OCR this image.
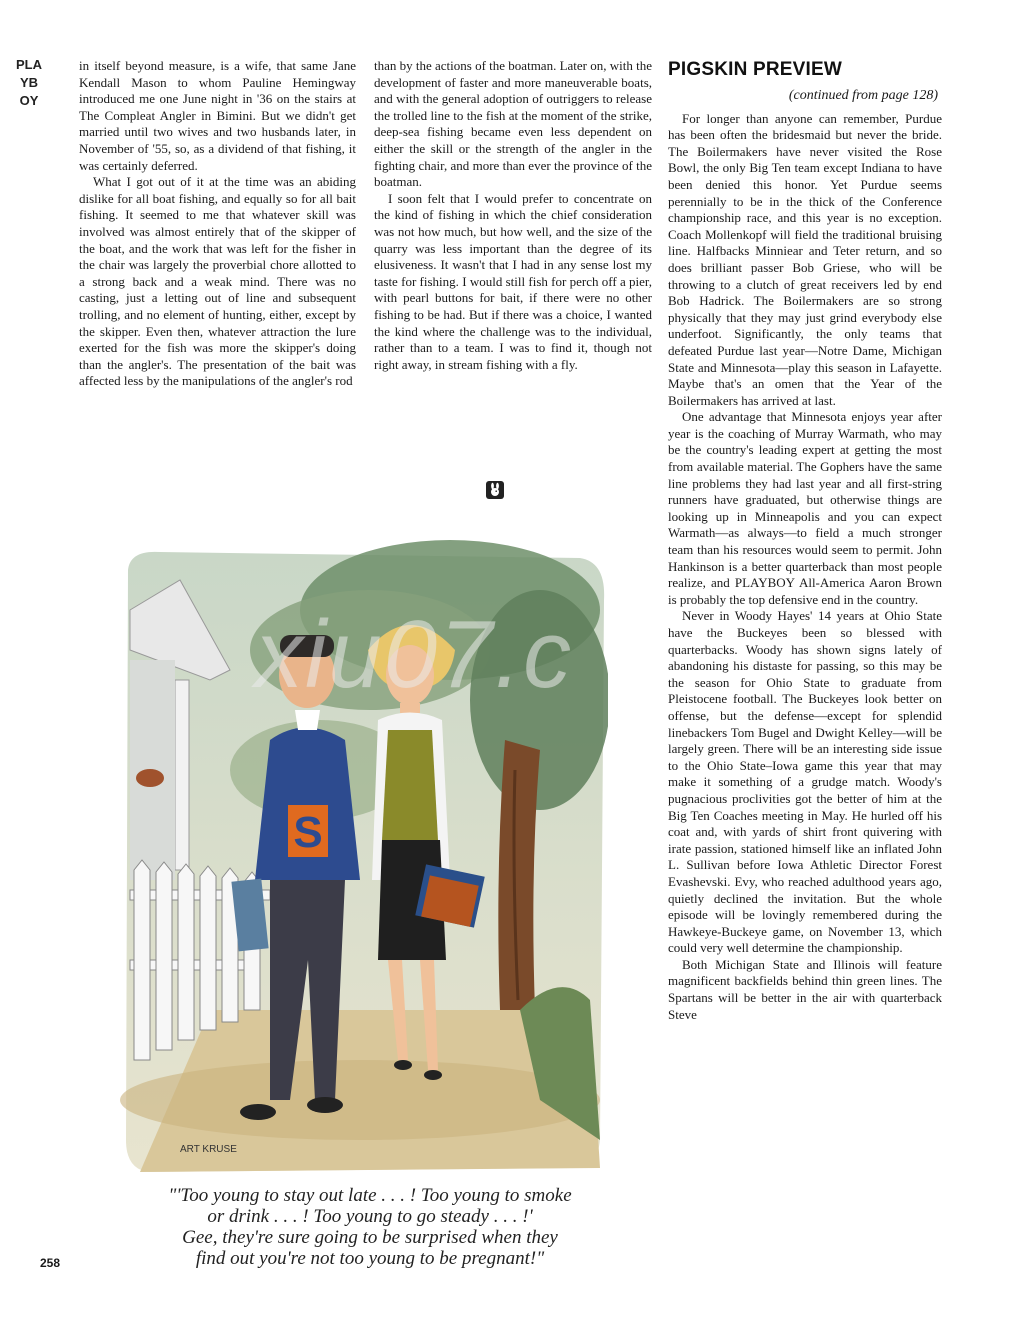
PLAYBOY

in itself beyond measure, is a wife, that same Jane Kendall Mason to whom Pauline Hemingway introduced me one June night in '36 on the stairs at The Compleat Angler in Bimini. But we didn't get married until two wives and two husbands later, in November of '55, so, as a dividend of that fishing, it was certainly deferred.

What I got out of it at the time was an abiding dislike for all boat fishing, and equally so for all bait fishing. It seemed to me that whatever skill was involved was almost entirely that of the skipper of the boat, and the work that was left for the fisher in the chair was largely the proverbial chore allotted to a strong back and a weak mind. There was no casting, just a letting out of line and subsequent trolling, and no element of hunting, either, except by the skipper. Even then, whatever attraction the lure exerted for the fish was more the skipper's doing than the angler's. The presentation of the bait was affected less by the manipulations of the angler's rod

than by the actions of the boatman. Later on, with the development of faster and more maneuverable boats, and with the general adoption of outriggers to release the trolled line to the fish at the moment of the strike, deep-sea fishing became even less dependent on either the skill or the strength of the angler in the fighting chair, and more than ever the province of the boatman.

I soon felt that I would prefer to concentrate on the kind of fishing in which the chief consideration was not how much, but how well, and the size of the quarry was less important than the degree of its elusiveness. It wasn't that I had in any sense lost my taste for fishing. I would still fish for perch off a pier, with pearl buttons for bait, if there were no other fishing to be had. But if there was a choice, I wanted the kind where the challenge was to the individual, rather than to a team. I was to find it, though not right away, in stream fishing with a fly.

PIGSKIN PREVIEW
(continued from page 128)

For longer than anyone can remember, Purdue has been often the bridesmaid but never the bride. The Boilermakers have never visited the Rose Bowl, the only Big Ten team except Indiana to have been denied this honor. Yet Purdue seems perennially to be in the thick of the Conference championship race, and this year is no exception. Coach Mollenkopf will field the traditional bruising line. Halfbacks Minniear and Teter return, and so does brilliant passer Bob Griese, who will be throwing to a clutch of great receivers led by end Bob Hadrick. The Boilermakers are so strong physically that they may just grind everybody else underfoot. Significantly, the only teams that defeated Purdue last year—Notre Dame, Michigan State and Minnesota—play this season in Lafayette. Maybe that's an omen that the Year of the Boilermakers has arrived at last.

One advantage that Minnesota enjoys year after year is the coaching of Murray Warmath, who may be the country's leading expert at getting the most from available material. The Gophers have the same line problems they had last year and all first-string runners have graduated, but otherwise things are looking up in Minneapolis and you can expect Warmath—as always—to field a much stronger team than his resources would seem to permit. John Hankinson is a better quarterback than most people realize, and PLAYBOY All-America Aaron Brown is probably the top defensive end in the country.

Never in Woody Hayes' 14 years at Ohio State have the Buckeyes been so blessed with quarterbacks. Woody has shown signs lately of abandoning his distaste for passing, so this may be the season for Ohio State to graduate from Pleistocene football. The Buckeyes look better on offense, but the defense—except for splendid linebackers Tom Bugel and Dwight Kelley—will be largely green. There will be an interesting side issue to the Ohio State–Iowa game this year that may make it something of a grudge match. Woody's pugnacious proclivities got the better of him at the Big Ten Coaches meeting in May. He hurled off his coat and, with yards of shirt front quivering with irate passion, stationed himself like an inflated John L. Sullivan before Iowa Athletic Director Forest Evashevski. Evy, who reached adulthood years ago, quietly declined the invitation. But the whole episode will be lovingly remembered during the Hawkeye-Buckeye game, on November 13, which could very well determine the championship.

Both Michigan State and Illinois will feature magnificent backfields behind thin green lines. The Spartans will be better in the air with quarterback Steve

S
ART KRUSE
xiu07.c
"'Too young to stay out late . . . ! Too young to smoke
or drink . . . ! Too young to go steady . . . !'
Gee, they're sure going to be surprised when they
find out you're not too young to be pregnant!"
258
